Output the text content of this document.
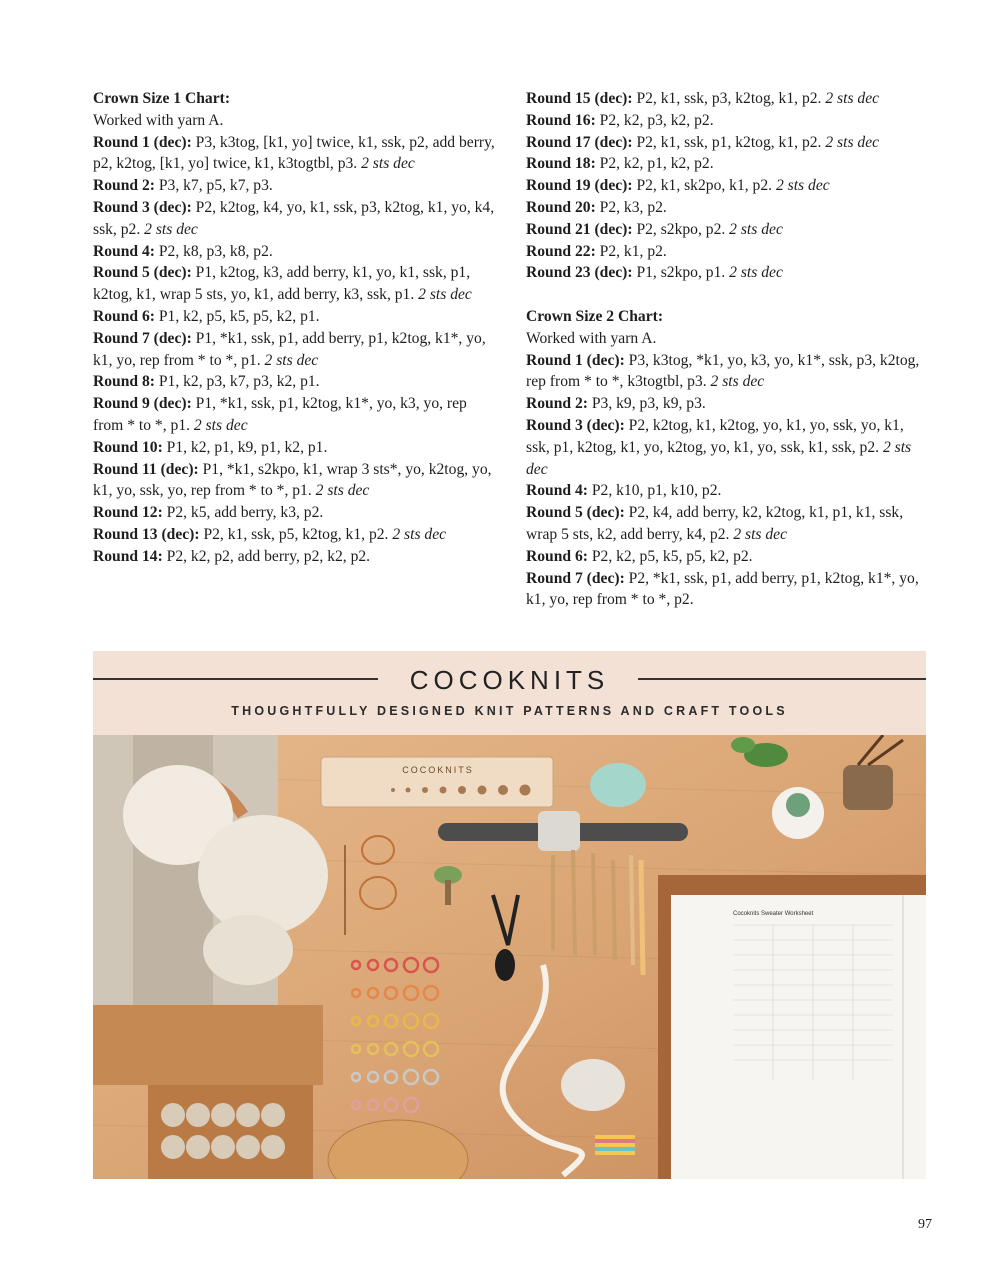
Crown Size 1 Chart:

Worked with yarn A.

Round 1 (dec): P3, k3tog, [k1, yo] twice, k1, ssk, p2, add berry, p2, k2tog, [k1, yo] twice, k1, k3togtbl, p3. 2 sts dec

Round 2: P3, k7, p5, k7, p3.

Round 3 (dec): P2, k2tog, k4, yo, k1, ssk, p3, k2tog, k1, yo, k4, ssk, p2. 2 sts dec

Round 4: P2, k8, p3, k8, p2.

Round 5 (dec): P1, k2tog, k3, add berry, k1, yo, k1, ssk, p1, k2tog, k1, wrap 5 sts, yo, k1, add berry, k3, ssk, p1. 2 sts dec

Round 6: P1, k2, p5, k5, p5, k2, p1.

Round 7 (dec): P1, *k1, ssk, p1, add berry, p1, k2tog, k1*, yo, k1, yo, rep from * to *, p1. 2 sts dec

Round 8: P1, k2, p3, k7, p3, k2, p1.

Round 9 (dec): P1, *k1, ssk, p1, k2tog, k1*, yo, k3, yo, rep from * to *, p1. 2 sts dec

Round 10: P1, k2, p1, k9, p1, k2, p1.

Round 11 (dec): P1, *k1, s2kpo, k1, wrap 3 sts*, yo, k2tog, yo, k1, yo, ssk, yo, rep from * to *, p1. 2 sts dec

Round 12: P2, k5, add berry, k3, p2.

Round 13 (dec): P2, k1, ssk, p5, k2tog, k1, p2. 2 sts dec

Round 14: P2, k2, p2, add berry, p2, k2, p2.

Round 15 (dec): P2, k1, ssk, p3, k2tog, k1, p2. 2 sts dec

Round 16: P2, k2, p3, k2, p2.

Round 17 (dec): P2, k1, ssk, p1, k2tog, k1, p2. 2 sts dec

Round 18: P2, k2, p1, k2, p2.

Round 19 (dec): P2, k1, sk2po, k1, p2. 2 sts dec

Round 20: P2, k3, p2.

Round 21 (dec): P2, s2kpo, p2. 2 sts dec

Round 22: P2, k1, p2.

Round 23 (dec): P1, s2kpo, p1. 2 sts dec

Crown Size 2 Chart:

Worked with yarn A.

Round 1 (dec): P3, k3tog, *k1, yo, k3, yo, k1*, ssk, p3, k2tog, rep from * to *, k3togtbl, p3. 2 sts dec

Round 2: P3, k9, p3, k9, p3.

Round 3 (dec): P2, k2tog, k1, k2tog, yo, k1, yo, ssk, yo, k1, ssk, p1, k2tog, k1, yo, k2tog, yo, k1, yo, ssk, k1, ssk, p2. 2 sts dec

Round 4: P2, k10, p1, k10, p2.

Round 5 (dec): P2, k4, add berry, k2, k2tog, k1, p1, k1, ssk, wrap 5 sts, k2, add berry, k4, p2. 2 sts dec

Round 6: P2, k2, p5, k5, p5, k2, p2.

Round 7 (dec): P2, *k1, ssk, p1, add berry, p1, k2tog, k1*, yo, k1, yo, rep from * to *, p2.

COCOKNITS
THOUGHTFULLY DESIGNED KNIT PATTERNS AND CRAFT TOOLS
COCOKNITS
Cocoknits Sweater Worksheet
97
